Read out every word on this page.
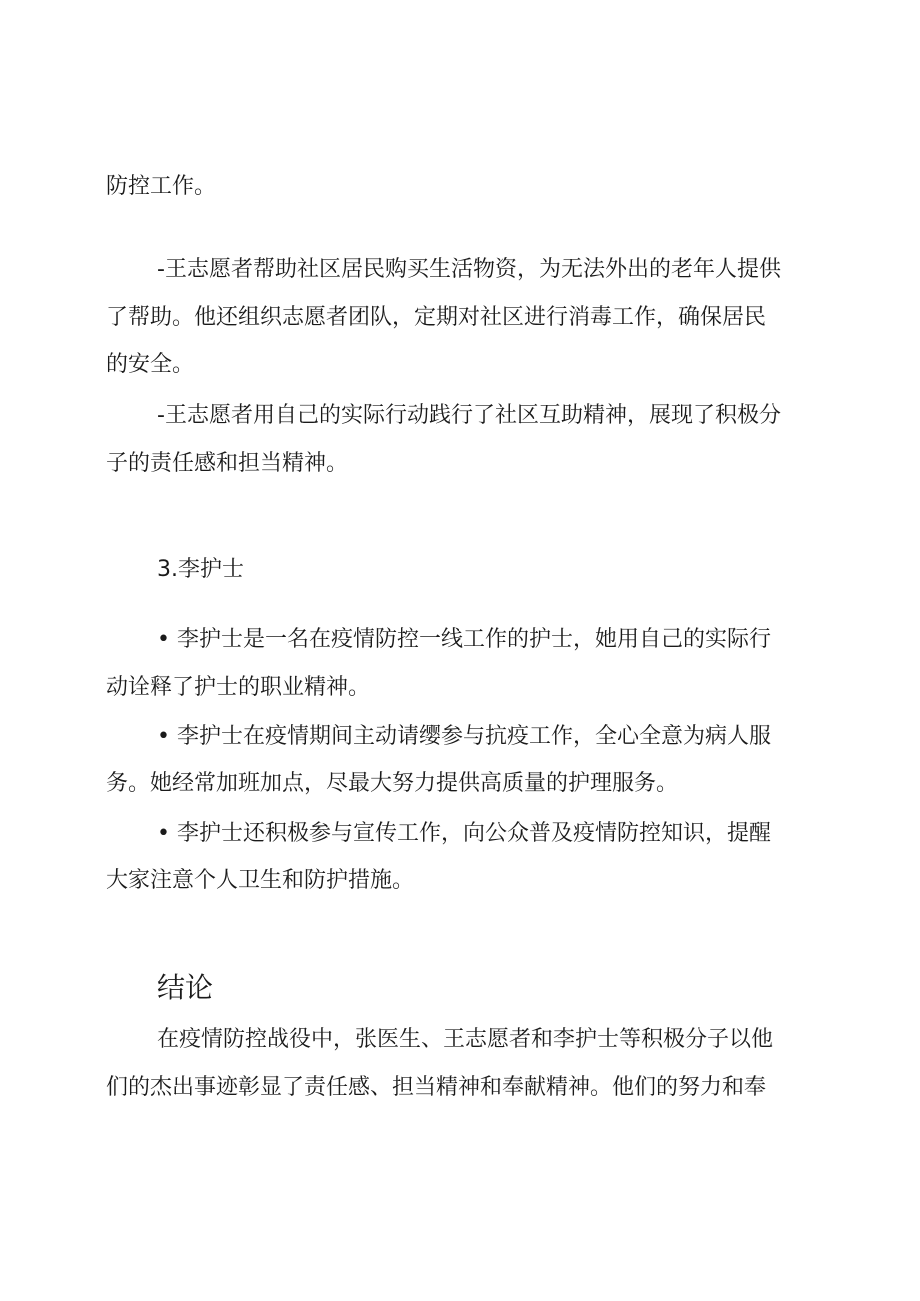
防控工作。
-王志愿者帮助社区居民购买生活物资，为无法外出的老年人提供
了帮助。他还组织志愿者团队，定期对社区进行消毒工作，确保居民
的安全。
-王志愿者用自己的实际行动践行了社区互助精神，展现了积极分
子的责任感和担当精神。
3.李护士
• 李护士是一名在疫情防控一线工作的护士，她用自己的实际行
动诠释了护士的职业精神。
• 李护士在疫情期间主动请缨参与抗疫工作，全心全意为病人服
务。她经常加班加点，尽最大努力提供高质量的护理服务。
• 李护士还积极参与宣传工作，向公众普及疫情防控知识，提醒
大家注意个人卫生和防护措施。
结论
在疫情防控战役中，张医生、王志愿者和李护士等积极分子以他
们的杰出事迹彰显了责任感、担当精神和奉献精神。他们的努力和奉
